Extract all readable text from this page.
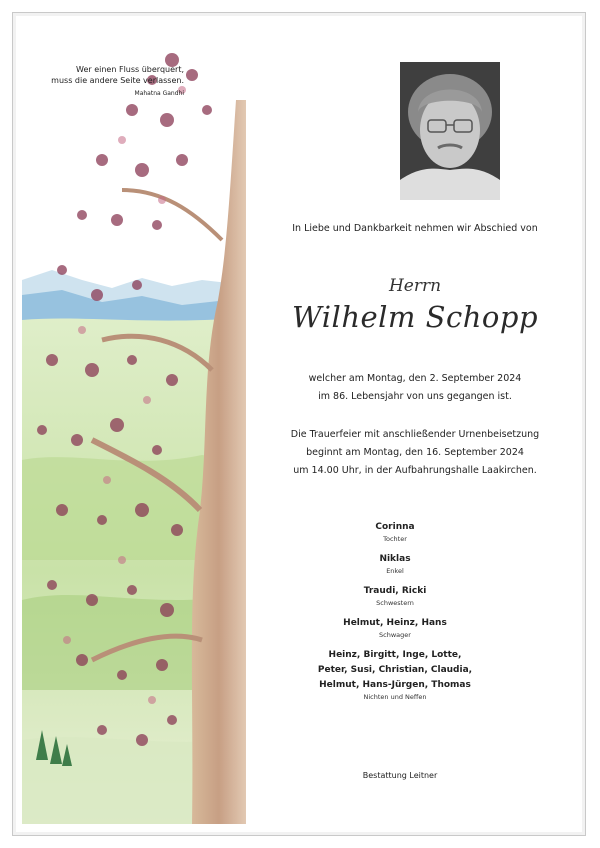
Wer einen Fluss überquert,
muss die andere Seite verlassen.
Mahatna Gandhi
In Liebe und Dankbarkeit nehmen wir Abschied von
Herrn
Wilhelm Schopp
welcher am Montag, den 2. September 2024
im 86. Lebensjahr von uns gegangen ist.
Die Trauerfeier mit anschließender Urnenbeisetzung
beginnt am Montag, den 16. September 2024
um 14.00 Uhr, in der Aufbahrungshalle Laakirchen.
Corinna
Tochter
Niklas
Enkel
Traudi, Ricki
Schwestern
Helmut, Heinz, Hans
Schwager
Heinz, Birgitt, Inge, Lotte,
Peter, Susi, Christian, Claudia,
Helmut, Hans-Jürgen, Thomas
Nichten und Neffen
Bestattung Leitner
